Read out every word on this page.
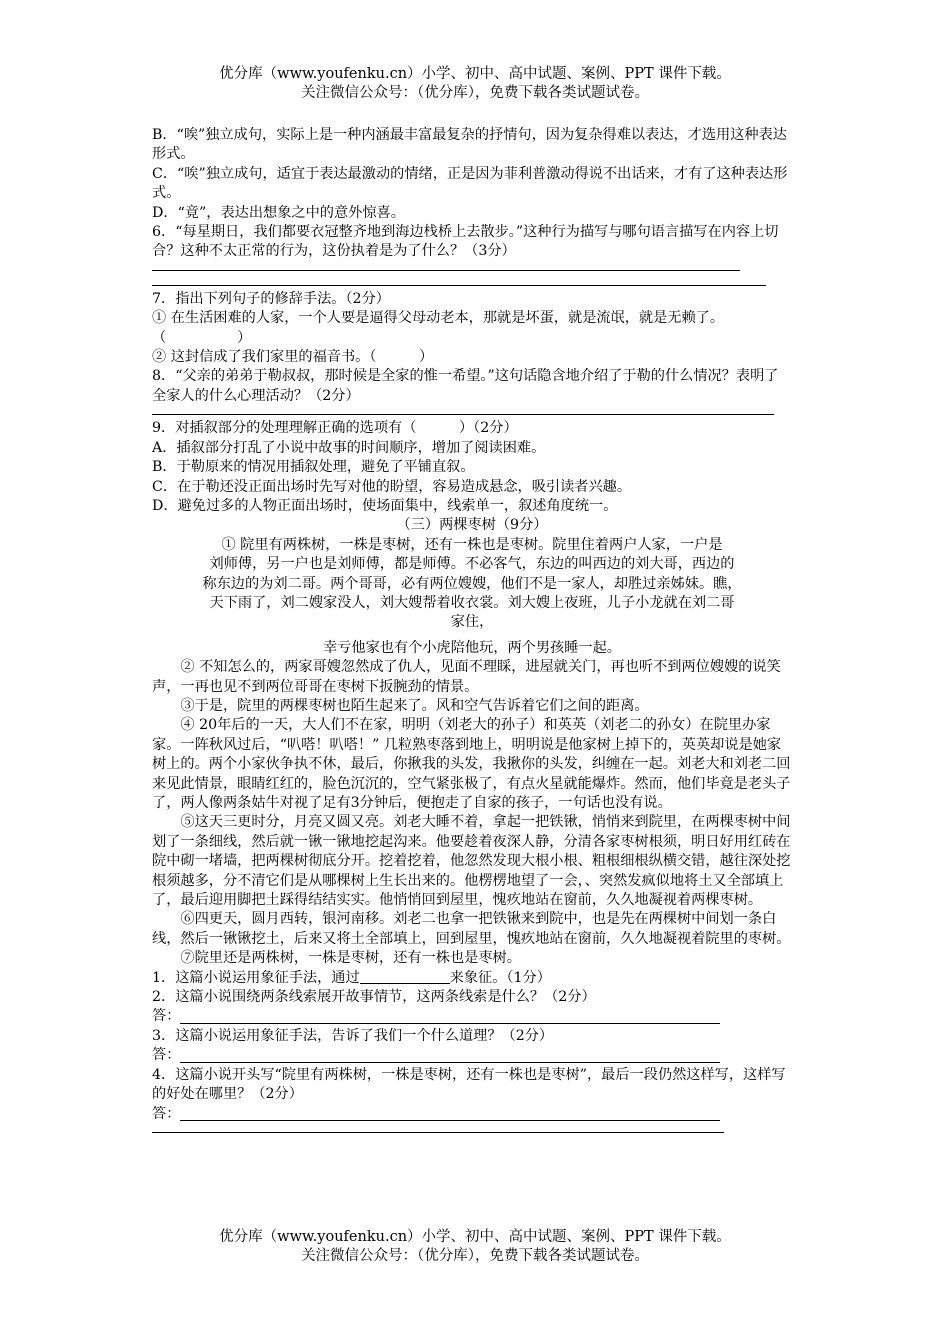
优分库（www.youfenku.cn）小学、初中、高中试题、案例、PPT 课件下载。
关注微信公众号：（优分库），免费下载各类试题试卷。

B．“唉”独立成句，实际上是一种内涵最丰富最复杂的抒情句，因为复杂得难以表达，才选用这种表达形式。

C．“唉”独立成句，适宜于表达最激动的情绪，正是因为菲利普激动得说不出话来，才有了这种表达形式。

D．“竟”，表达出想象之中的意外惊喜。

6．“每星期日，我们都要衣冠整齐地到海边栈桥上去散步。”这种行为描写与哪句语言描写在内容上切合？这种不太正常的行为，这份执着是为了什么？（3分）

7．指出下列句子的修辞手法。（2分）

① 在生活困难的人家，一个人要是逼得父母动老本，那就是坏蛋，就是流氓，就是无赖了。（　　　　　）

② 这封信成了我们家里的福音书。（　　　）

8．“父亲的弟弟于勒叔叔，那时候是全家的惟一希望。”这句话隐含地介绍了于勒的什么情况？表明了全家人的什么心理活动？（2分）

9．对插叙部分的处理理解正确的选项有（　　　）（2分）

A．插叙部分打乱了小说中故事的时间顺序，增加了阅读困难。

B．于勒原来的情况用插叙处理，避免了平铺直叙。

C．在于勒还没正面出场时先写对他的盼望，容易造成悬念，吸引读者兴趣。

D．避免过多的人物正面出场时，使场面集中，线索单一，叙述角度统一。

（三）两棵枣树（9分）

① 院里有两株树，一株是枣树，还有一株也是枣树。院里住着两户人家，一户是
刘师傅，另一户也是刘师傅，都是师傅。不必客气，东边的叫西边的刘大哥，西边的
称东边的为刘二哥。两个哥哥，必有两位嫂嫂，他们不是一家人，却胜过亲姊妹。瞧，
天下雨了，刘二嫂家没人，刘大嫂帮着收衣裳。刘大嫂上夜班，儿子小龙就在刘二哥
家住，
幸亏他家也有个小虎陪他玩，两个男孩睡一起。

② 不知怎么的，两家哥嫂忽然成了仇人，见面不理睬，进屋就关门，再也听不到两位嫂嫂的说笑声，一再也见不到两位哥哥在枣树下扳腕劲的情景。

③于是，院里的两棵枣树也陌生起来了。风和空气告诉着它们之间的距离。

④ 20年后的一天，大人们不在家，明明（刘老大的孙子）和英英（刘老二的孙女）在院里办家家。一阵秋风过后，“叭嗒！叭嗒！” 几粒熟枣落到地上，明明说是他家树上掉下的，英英却说是她家树上的。两个小家伙争执不休，最后，你揪我的头发，我揪你的头发，纠缠在一起。刘老大和刘老二回来见此情景，眼睛红红的，脸色沉沉的，空气紧张极了，有点火星就能爆炸。然而，他们毕竟是老头子了，两人像两条姑牛对视了足有3分钟后，便抱走了自家的孩子，一句话也没有说。

⑤这天三更时分，月亮又圆又亮。刘老大睡不着，拿起一把铁锹，悄悄来到院里，在两棵枣树中间划了一条细线，然后就一锹一锹地挖起沟来。他要趁着夜深人静，分清各家枣树根须，明日好用红砖在院中砌一堵墙，把两棵树彻底分开。挖着挖着，他忽然发现大根小根、粗根细根纵横交错，越往深处挖根须越多，分不清它们是从哪棵树上生长出来的。他楞楞地望了一会，、突然发疯似地将土又全部填上了，最后迎用脚把土踩得结结实实。他悄悄回到屋里，愧疚地站在窗前，久久地凝视着两棵枣树。

⑥四更天，圆月西转，银河南移。刘老二也拿一把铁锹来到院中，也是先在两棵树中间划一条白线，然后一锹锹挖土，后来又将土全部填上，回到屋里，愧疚地站在窗前，久久地凝视着院里的枣树。

⑦院里还是两株树，一株是枣树，还有一株也是枣树。

1．这篇小说运用象征手法，通过	来象征。（1分）

2．这篇小说围绕两条线索展开故事情节，这两条线索是什么？（2分）

答：

3．这篇小说运用象征手法，告诉了我们一个什么道理？（2分）

答：

4．这篇小说开头写“院里有两株树，一株是枣树，还有一株也是枣树”，最后一段仍然这样写，这样写的好处在哪里？（2分）

答：
优分库（www.youfenku.cn）小学、初中、高中试题、案例、PPT 课件下载。
关注微信公众号：（优分库），免费下载各类试题试卷。
